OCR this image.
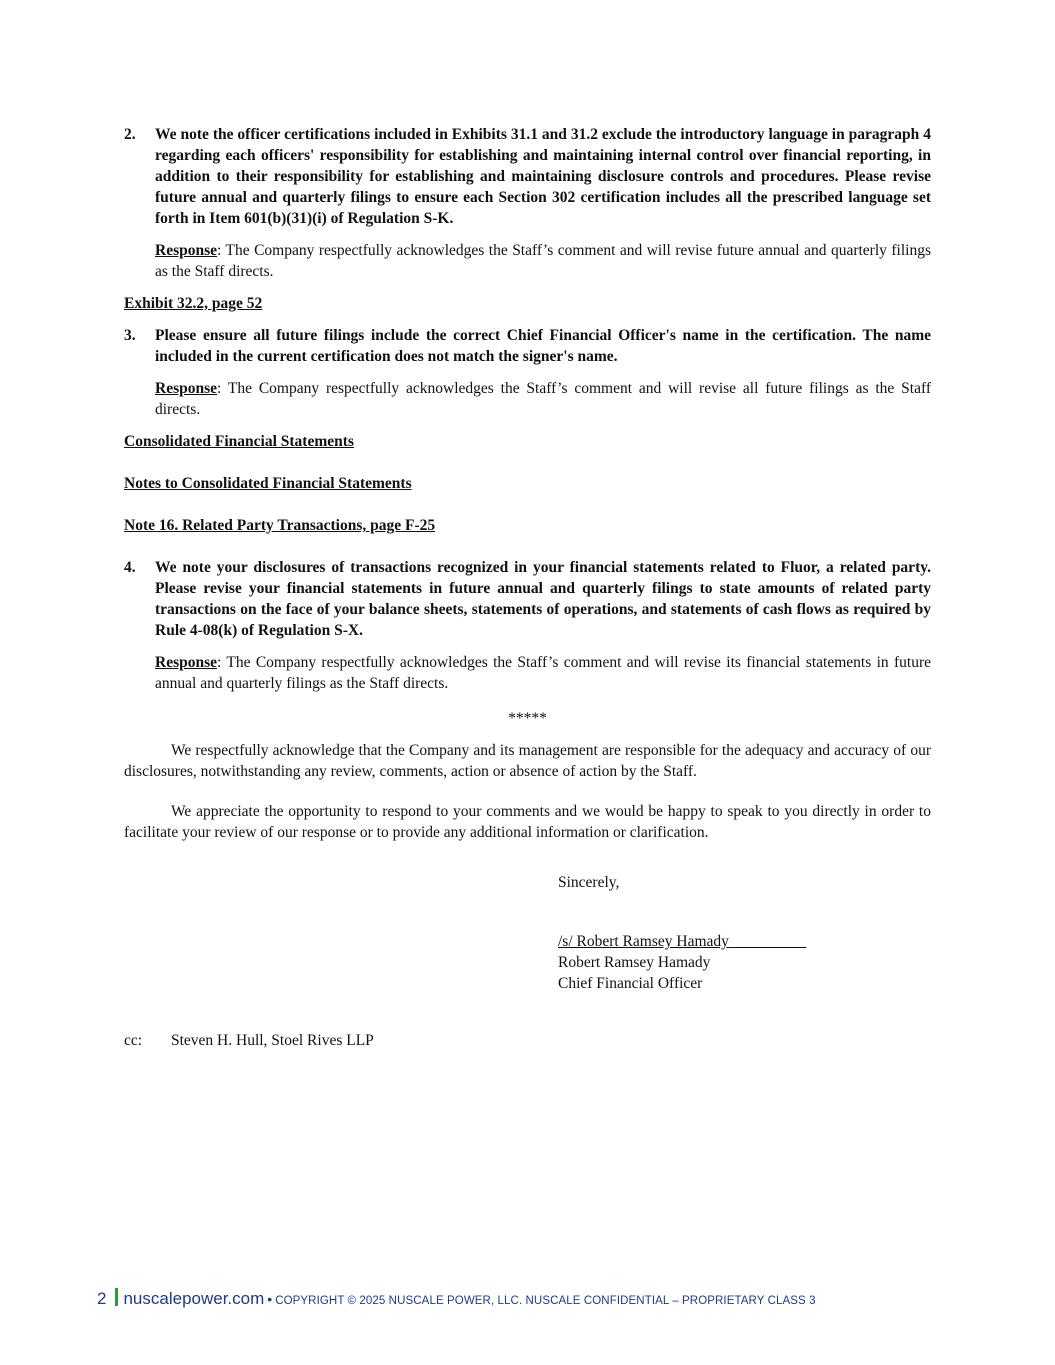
2. We note the officer certifications included in Exhibits 31.1 and 31.2 exclude the introductory language in paragraph 4 regarding each officers' responsibility for establishing and maintaining internal control over financial reporting, in addition to their responsibility for establishing and maintaining disclosure controls and procedures. Please revise future annual and quarterly filings to ensure each Section 302 certification includes all the prescribed language set forth in Item 601(b)(31)(i) of Regulation S-K.

Response: The Company respectfully acknowledges the Staff’s comment and will revise future annual and quarterly filings as the Staff directs.

Exhibit 32.2, page 52

3. Please ensure all future filings include the correct Chief Financial Officer's name in the certification. The name included in the current certification does not match the signer's name.

Response: The Company respectfully acknowledges the Staff’s comment and will revise all future filings as the Staff directs.

Consolidated Financial Statements

Notes to Consolidated Financial Statements

Note 16. Related Party Transactions, page F-25

4. We note your disclosures of transactions recognized in your financial statements related to Fluor, a related party. Please revise your financial statements in future annual and quarterly filings to state amounts of related party transactions on the face of your balance sheets, statements of operations, and statements of cash flows as required by Rule 4-08(k) of Regulation S-X.

Response: The Company respectfully acknowledges the Staff’s comment and will revise its financial statements in future annual and quarterly filings as the Staff directs.

*****

We respectfully acknowledge that the Company and its management are responsible for the adequacy and accuracy of our disclosures, notwithstanding any review, comments, action or absence of action by the Staff.

We appreciate the opportunity to respond to your comments and we would be happy to speak to you directly in order to facilitate your review of our response or to provide any additional information or clarification.

Sincerely,
/s/ Robert Ramsey Hamady
Robert Ramsey Hamady
Chief Financial Officer
cc: Steven H. Hull, Stoel Rives LLP
2 nuscalepower.com • COPYRIGHT © 2025 NUSCALE POWER, LLC. NUSCALE CONFIDENTIAL – PROPRIETARY CLASS 3
